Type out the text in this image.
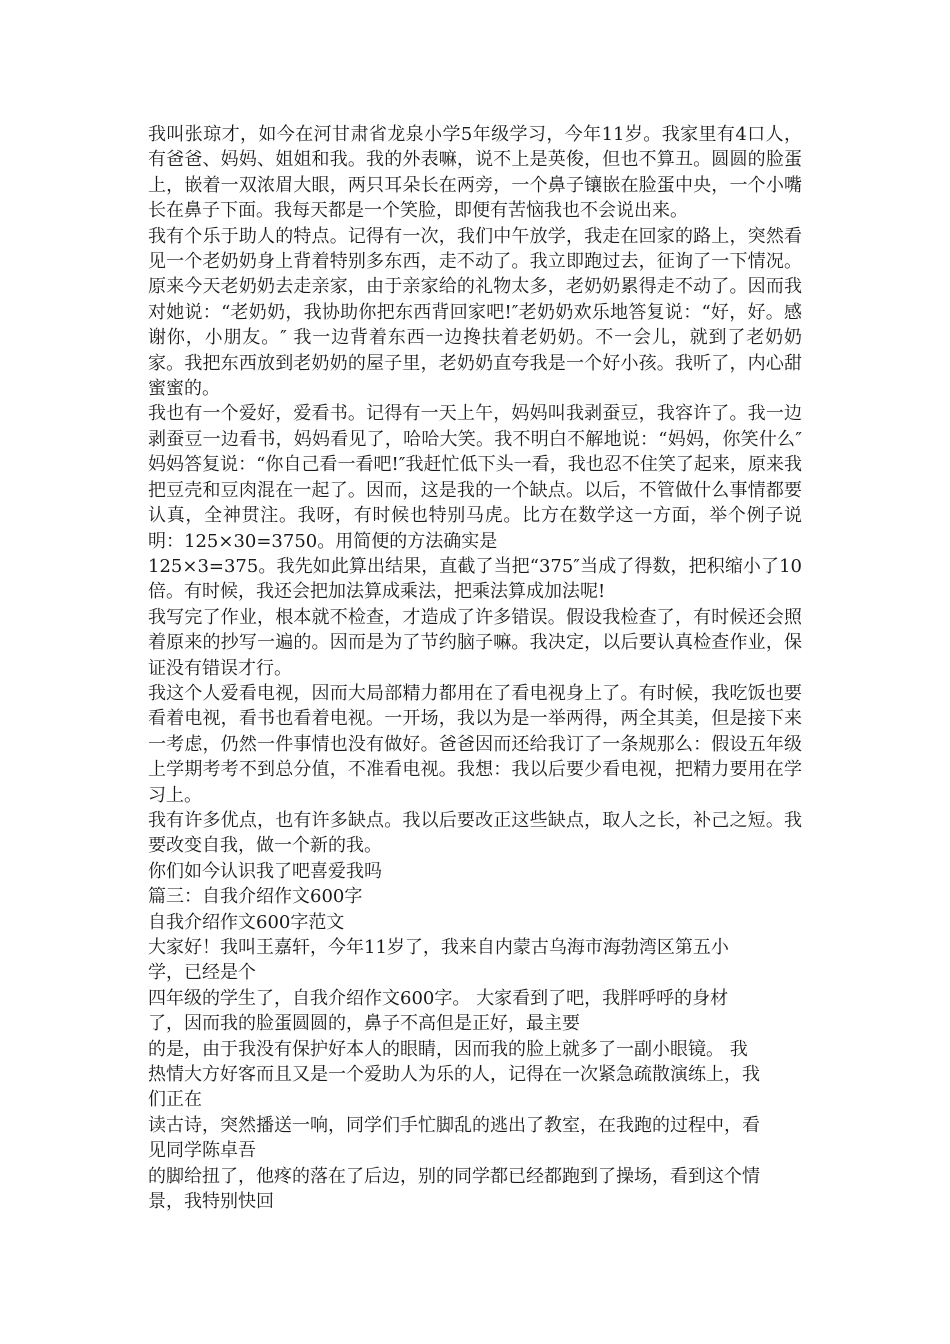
我叫张琼才，如今在河甘肃省龙泉小学5年级学习，今年11岁。我家里有4口人，有爸爸、妈妈、姐姐和我。我的外表嘛，说不上是英俊，但也不算丑。圆圆的脸蛋上，嵌着一双浓眉大眼，两只耳朵长在两旁，一个鼻子镶嵌在脸蛋中央，一个小嘴长在鼻子下面。我每天都是一个笑脸，即便有苦恼我也不会说出来。

我有个乐于助人的特点。记得有一次，我们中午放学，我走在回家的路上，突然看见一个老奶奶身上背着特别多东西，走不动了。我立即跑过去，征询了一下情况。原来今天老奶奶去走亲家，由于亲家给的礼物太多，老奶奶累得走不动了。因而我对她说：“老奶奶，我协助你把东西背回家吧!″老奶奶欢乐地答复说：“好，好。感谢你，小朋友。″ 我一边背着东西一边搀扶着老奶奶。不一会儿，就到了老奶奶家。我把东西放到老奶奶的屋子里，老奶奶直夸我是一个好小孩。我听了，内心甜蜜蜜的。

我也有一个爱好，爱看书。记得有一天上午，妈妈叫我剥蚕豆，我容许了。我一边剥蚕豆一边看书，妈妈看见了，哈哈大笑。我不明白不解地说：“妈妈，你笑什么″妈妈答复说：“你自己看一看吧!″我赶忙低下头一看，我也忍不住笑了起来，原来我把豆壳和豆肉混在一起了。因而，这是我的一个缺点。以后，不管做什么事情都要认真，全神贯注。我呀，有时候也特别马虎。比方在数学这一方面，举个例子说明：125×30=3750。用简便的方法确实是

125×3=375。我先如此算出结果，直截了当把“375″当成了得数，把积缩小了10倍。有时候，我还会把加法算成乘法，把乘法算成加法呢!

我写完了作业，根本就不检查，才造成了许多错误。假设我检查了，有时候还会照着原来的抄写一遍的。因而是为了节约脑子嘛。我决定，以后要认真检查作业，保证没有错误才行。

我这个人爱看电视，因而大局部精力都用在了看电视身上了。有时候，我吃饭也要看着电视，看书也看着电视。一开场，我以为是一举两得，两全其美，但是接下来一考虑，仍然一件事情也没有做好。爸爸因而还给我订了一条规那么：假设五年级上学期考考不到总分值，不准看电视。我想：我以后要少看电视，把精力要用在学习上。

我有许多优点，也有许多缺点。我以后要改正这些缺点，取人之长，补己之短。我要改变自我，做一个新的我。

你们如今认识我了吧喜爱我吗

篇三：自我介绍作文600字

自我介绍作文600字范文

大家好！我叫王嘉轩，今年11岁了，我来自内蒙古乌海市海勃湾区第五小
学，已经是个
四年级的学生了，自我介绍作文600字。 大家看到了吧，我胖呼呼的身材
了，因而我的脸蛋圆圆的，鼻子不高但是正好，最主要
的是，由于我没有保护好本人的眼睛，因而我的脸上就多了一副小眼镜。 我
热情大方好客而且又是一个爱助人为乐的人，记得在一次紧急疏散演练上，我
们正在
读古诗，突然播送一响，同学们手忙脚乱的逃出了教室，在我跑的过程中，看
见同学陈卓吾
的脚给扭了，他疼的落在了后边，别的同学都已经都跑到了操场，看到这个情
景，我特别快回
